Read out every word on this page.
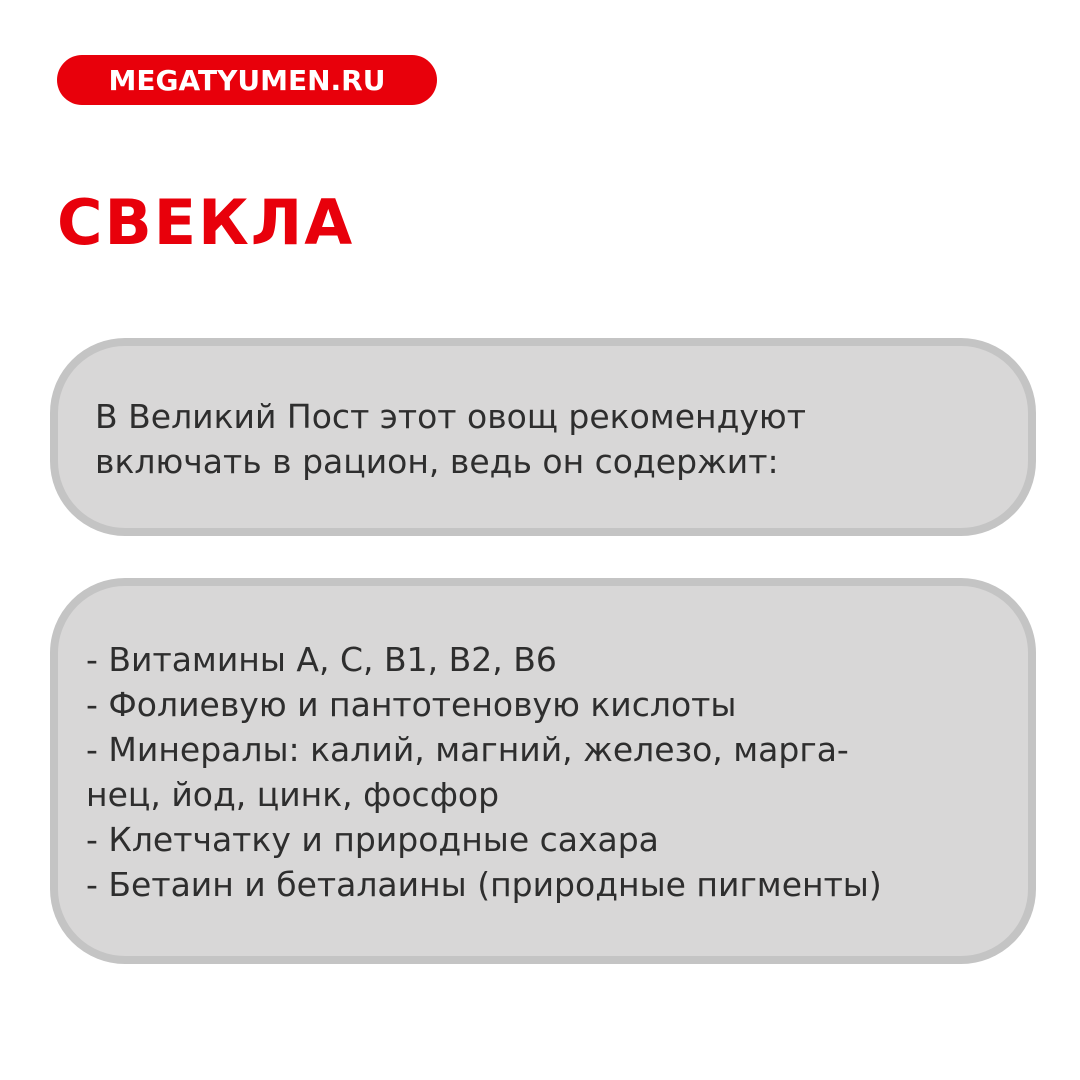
MEGATYUMEN.RU
СВЕКЛА

В Великий Пост этот овощ рекомендуют
включать в рацион, ведь он содержит:

- Витамины А, С, В1, В2, В6
- Фолиевую и пантотеновую кислоты
- Минералы: калий, магний, железо, марга-
нец, йод, цинк, фосфор
- Клетчатку и природные сахара
- Бетаин и беталаины (природные пигменты)
